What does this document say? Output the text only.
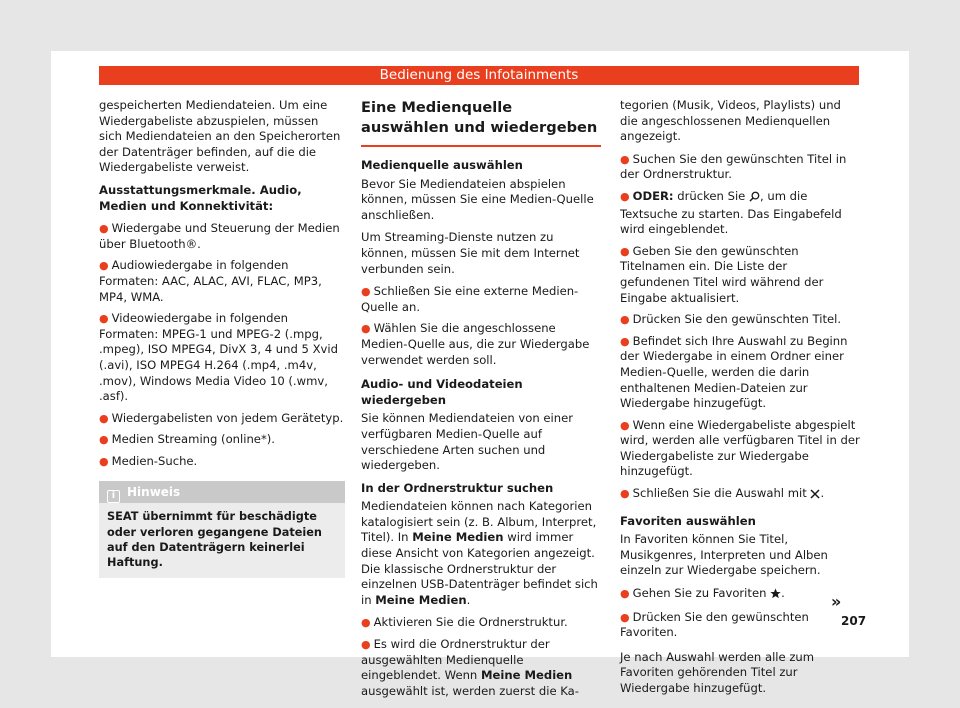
Bedienung des Infotainments

gespeicherten Mediendateien. Um eine Wiedergabeliste abzuspielen, müssen sich Mediendateien an den Speicherorten der Datenträger befinden, auf die die Wiedergabeliste verweist.

Ausstattungsmerkmale. Audio, Medien und Konnektivität:

● Wiedergabe und Steuerung der Medien über Bluetooth®.
● Audiowiedergabe in folgenden Formaten: AAC, ALAC, AVI, FLAC, MP3, MP4, WMA.
● Videowiedergabe in folgenden Formaten: MPEG-1 und MPEG-2 (.mpg, .mpeg), ISO MPEG4, DivX 3, 4 und 5 Xvid (.avi), ISO MPEG4 H.264 (.mp4, .m4v, .mov), Windows Media Video 10 (.wmv, .asf).
● Wiedergabelisten von jedem Gerätetyp.
● Medien Streaming (online*).
● Medien-Suche.
i Hinweis
SEAT übernimmt für beschädigte oder verloren gegangene Dateien auf den Datenträgern keinerlei Haftung.
Eine Medienquelle auswählen und wiedergeben

Medienquelle auswählen

Bevor Sie Mediendateien abspielen können, müssen Sie eine Medien-Quelle anschließen.

Um Streaming-Dienste nutzen zu können, müssen Sie mit dem Internet verbunden sein.

● Schließen Sie eine externe Medien-Quelle an.
● Wählen Sie die angeschlossene Medien-Quelle aus, die zur Wiedergabe verwendet werden soll.

Audio- und Videodateien wiedergeben

Sie können Mediendateien von einer verfügbaren Medien-Quelle auf verschiedene Arten suchen und wiedergeben.

In der Ordnerstruktur suchen

Mediendateien können nach Kategorien katalogisiert sein (z. B. Album, Interpret, Titel). In Meine Medien wird immer diese Ansicht von Kategorien angezeigt. Die klassische Ordnerstruktur der einzelnen USB-Datenträger befindet sich in Meine Medien.

● Aktivieren Sie die Ordnerstruktur.
● Es wird die Ordnerstruktur der ausgewählten Medienquelle eingeblendet. Wenn Meine Medien ausgewählt ist, werden zuerst die Ka-

tegorien (Musik, Videos, Playlists) und die angeschlossenen Medienquellen angezeigt.

● Suchen Sie den gewünschten Titel in der Ordnerstruktur.
● ODER: drücken Sie , um die Textsuche zu starten. Das Eingabefeld wird eingeblendet.
● Geben Sie den gewünschten Titelnamen ein. Die Liste der gefundenen Titel wird während der Eingabe aktualisiert.
● Drücken Sie den gewünschten Titel.
● Befindet sich Ihre Auswahl zu Beginn der Wiedergabe in einem Ordner einer Medien-Quelle, werden die darin enthaltenen Medien-Dateien zur Wiedergabe hinzugefügt.
● Wenn eine Wiedergabeliste abgespielt wird, werden alle verfügbaren Titel in der Wiedergabeliste zur Wiedergabe hinzugefügt.
● Schließen Sie die Auswahl mit .

Favoriten auswählen

In Favoriten können Sie Titel, Musikgenres, Interpreten und Alben einzeln zur Wiedergabe speichern.

● Gehen Sie zu Favoriten .
● Drücken Sie den gewünschten Favoriten.

Je nach Auswahl werden alle zum Favoriten gehörenden Titel zur Wiedergabe hinzugefügt.

»
207
